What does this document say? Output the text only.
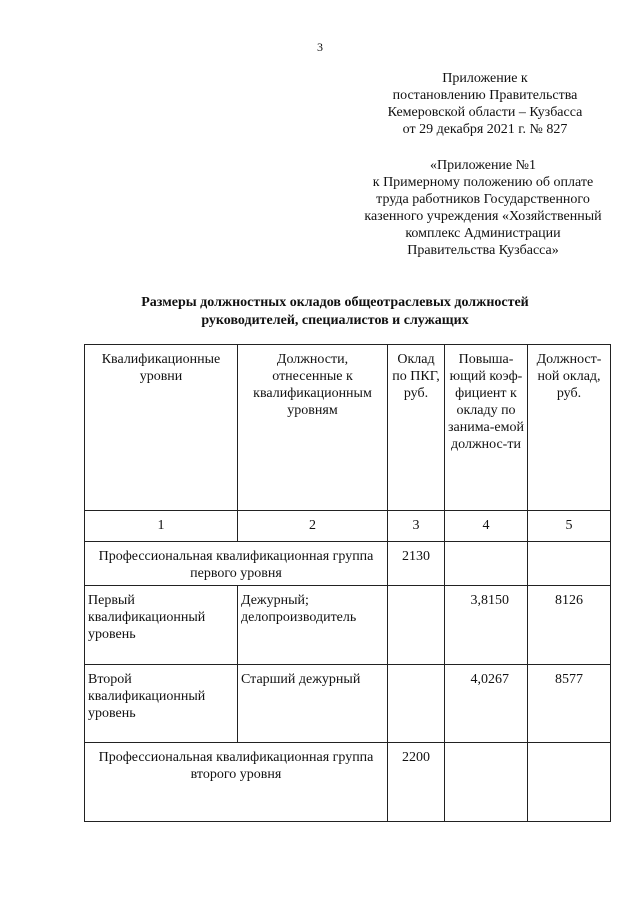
3
Приложение к
постановлению Правительства
Кемеровской области – Кузбасса
от 29 декабря 2021 г. № 827
«Приложение №1
к Примерному положению об оплате
труда работников Государственного
казенного учреждения «Хозяйственный
комплекс Администрации
Правительства Кузбасса»
Размеры должностных окладов общеотраслевых должностей
руководителей, специалистов и служащих
Квалификационные уровни	Должности, отнесенные к квалификационным уровням	Оклад по ПКГ, руб.	Повыша-ющий коэф-фициент к окладу по занима-емой должнос-ти	Должност-ной оклад, руб.
1	2	3	4	5
Профессиональная квалификационная группа первого уровня		2130		
Первый квалификационный уровень	Дежурный; делопроизводитель		3,8150	8126
Второй квалификационный уровень	Старший дежурный		4,0267	8577
Профессиональная квалификационная группа второго уровня		2200		
